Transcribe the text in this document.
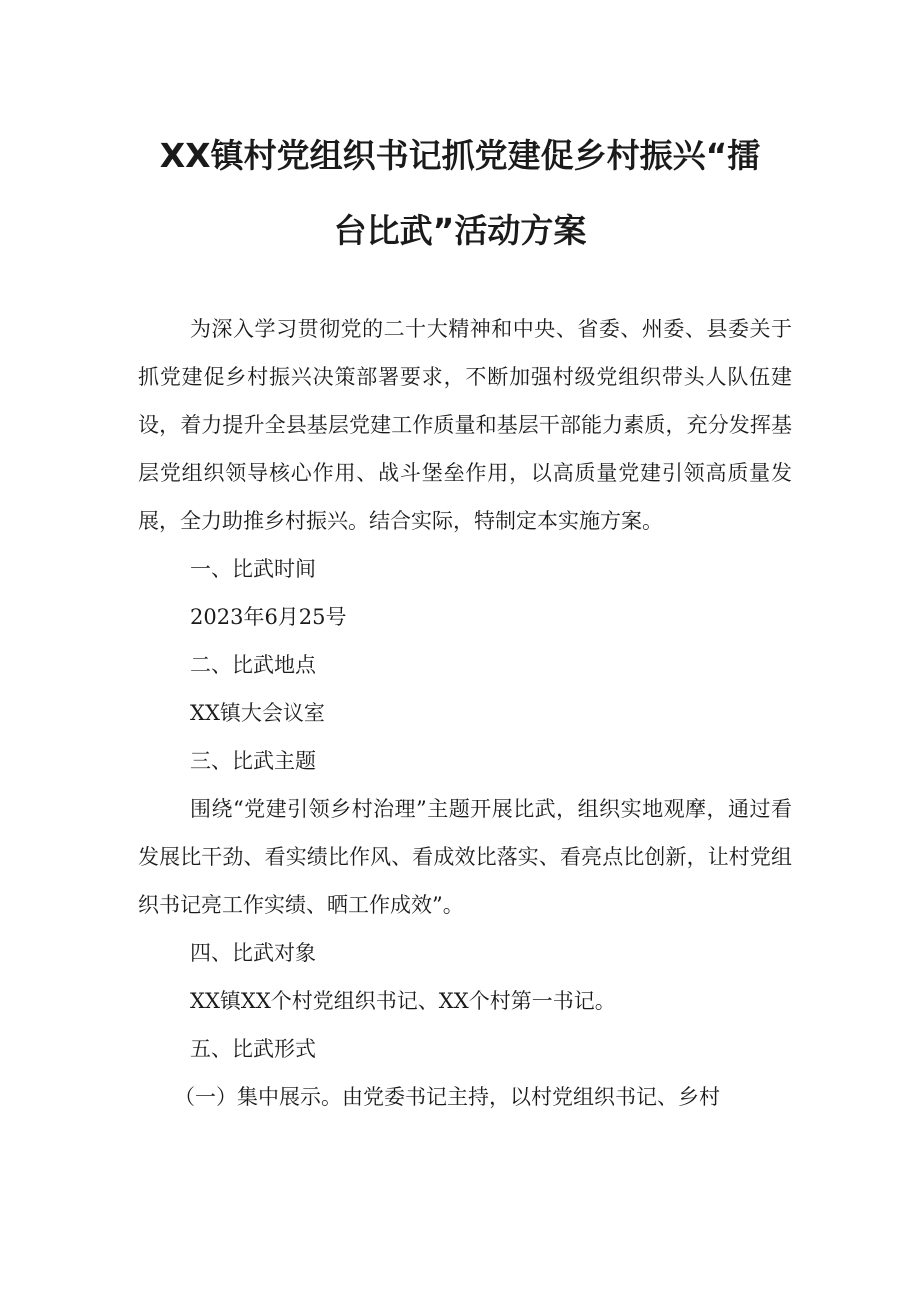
XX镇村党组织书记抓党建促乡村振兴“擂
台比武”活动方案

为深入学习贯彻党的二十大精神和中央、省委、州委、县委关于抓党建促乡村振兴决策部署要求，不断加强村级党组织带头人队伍建设，着力提升全县基层党建工作质量和基层干部能力素质，充分发挥基层党组织领导核心作用、战斗堡垒作用，以高质量党建引领高质量发展，全力助推乡村振兴。结合实际，特制定本实施方案。

一、比武时间

2023年6月25号

二、比武地点

XX镇大会议室

三、比武主题

围绕“党建引领乡村治理”主题开展比武，组织实地观摩，通过看发展比干劲、看实绩比作风、看成效比落实、看亮点比创新，让村党组织书记亮工作实绩、晒工作成效”。

四、比武对象

XX镇XX个村党组织书记、XX个村第一书记。

五、比武形式

（一）集中展示。由党委书记主持，以村党组织书记、乡村
